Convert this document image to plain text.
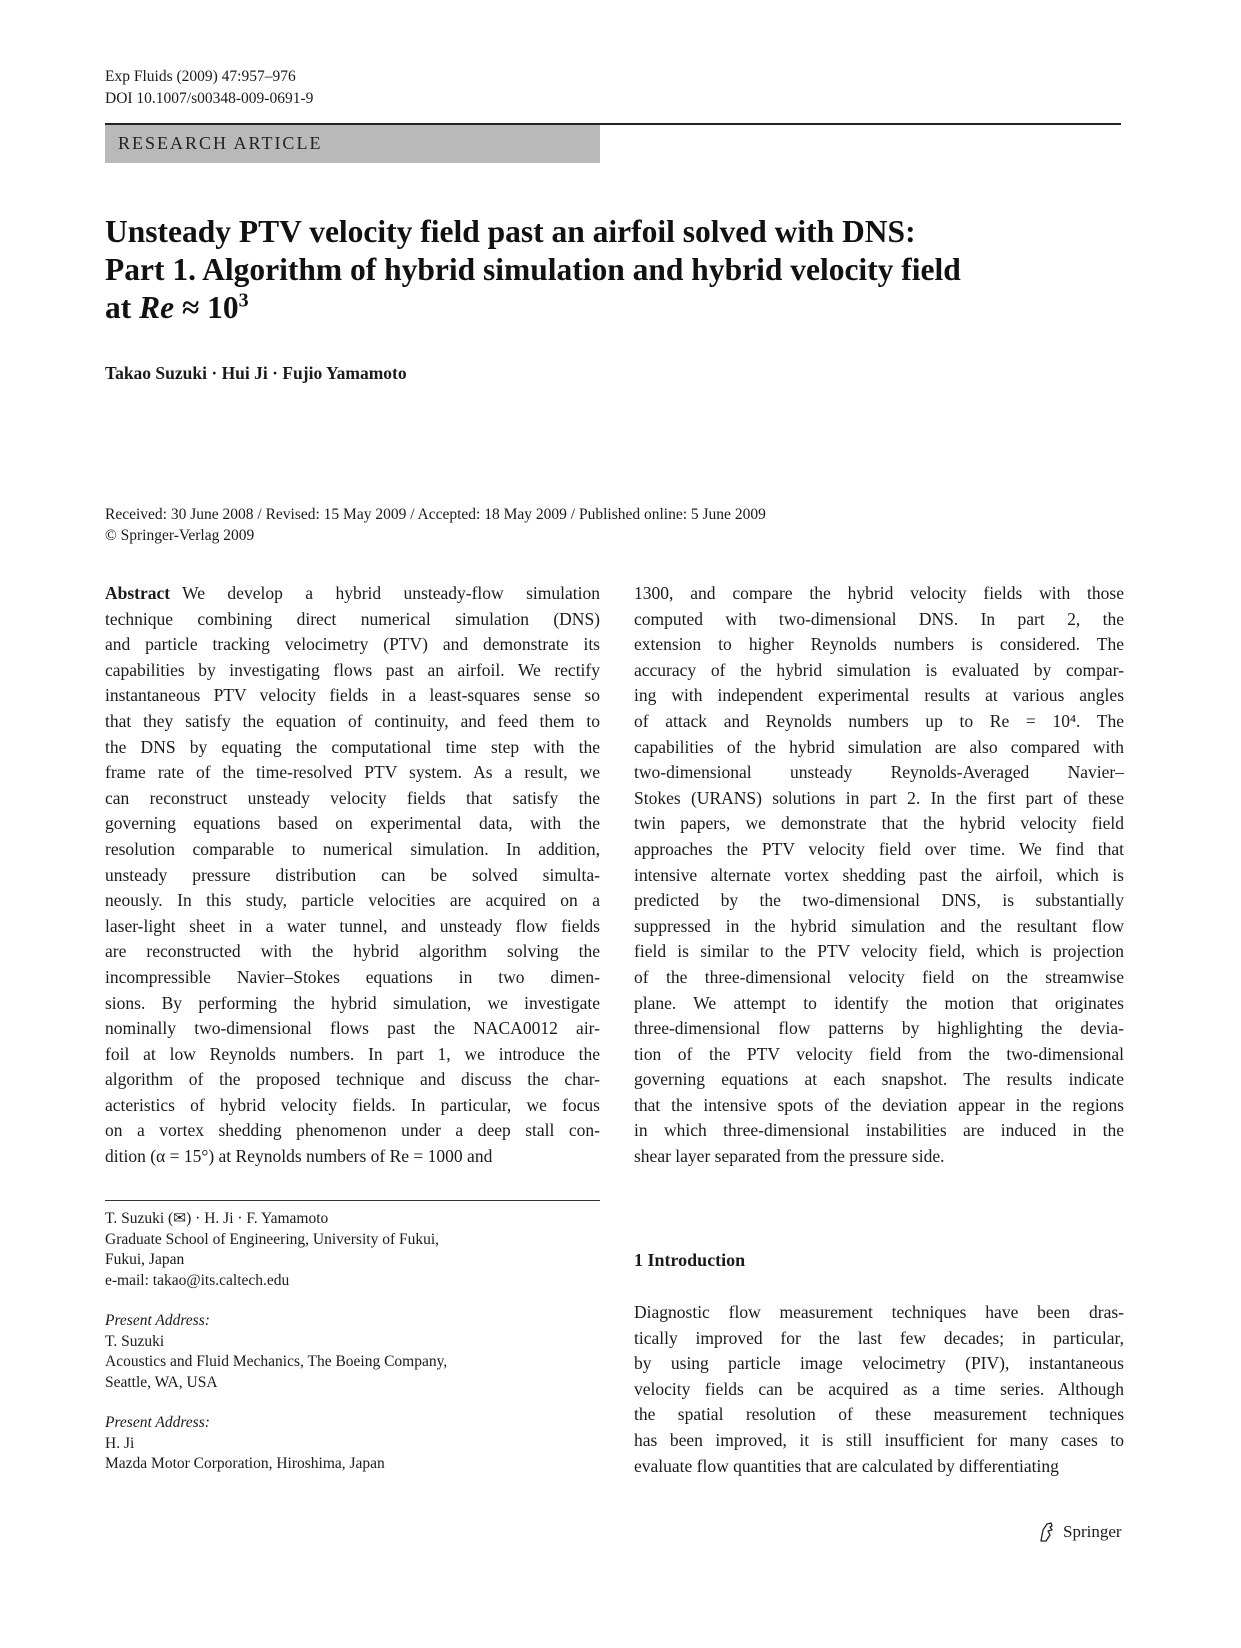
Exp Fluids (2009) 47:957–976
DOI 10.1007/s00348-009-0691-9
RESEARCH ARTICLE
Unsteady PTV velocity field past an airfoil solved with DNS:
Part 1. Algorithm of hybrid simulation and hybrid velocity field
at $Re \approx 10^3$
Takao Suzuki · Hui Ji · Fujio Yamamoto
Received: 30 June 2008 / Revised: 15 May 2009 / Accepted: 18 May 2009 / Published online: 5 June 2009
© Springer-Verlag 2009
Abstract We develop a hybrid unsteady-flow simulation
technique combining direct numerical simulation (DNS)
and particle tracking velocimetry (PTV) and demonstrate its
capabilities by investigating flows past an airfoil. We rectify
instantaneous PTV velocity fields in a least-squares sense so
that they satisfy the equation of continuity, and feed them to
the DNS by equating the computational time step with the
frame rate of the time-resolved PTV system. As a result, we
can reconstruct unsteady velocity fields that satisfy the
governing equations based on experimental data, with the
resolution comparable to numerical simulation. In addition,
unsteady pressure distribution can be solved simulta-
neously. In this study, particle velocities are acquired on a
laser-light sheet in a water tunnel, and unsteady flow fields
are reconstructed with the hybrid algorithm solving the
incompressible Navier–Stokes equations in two dimen-
sions. By performing the hybrid simulation, we investigate
nominally two-dimensional flows past the NACA0012 air-
foil at low Reynolds numbers. In part 1, we introduce the
algorithm of the proposed technique and discuss the char-
acteristics of hybrid velocity fields. In particular, we focus
on a vortex shedding phenomenon under a deep stall con-
dition (α = 15°) at Reynolds numbers of Re = 1000 and
1300, and compare the hybrid velocity fields with those
computed with two-dimensional DNS. In part 2, the
extension to higher Reynolds numbers is considered. The
accuracy of the hybrid simulation is evaluated by compar-
ing with independent experimental results at various angles
of attack and Reynolds numbers up to Re = 10⁴. The
capabilities of the hybrid simulation are also compared with
two-dimensional unsteady Reynolds-Averaged Navier–
Stokes (URANS) solutions in part 2. In the first part of these
twin papers, we demonstrate that the hybrid velocity field
approaches the PTV velocity field over time. We find that
intensive alternate vortex shedding past the airfoil, which is
predicted by the two-dimensional DNS, is substantially
suppressed in the hybrid simulation and the resultant flow
field is similar to the PTV velocity field, which is projection
of the three-dimensional velocity field on the streamwise
plane. We attempt to identify the motion that originates
three-dimensional flow patterns by highlighting the devia-
tion of the PTV velocity field from the two-dimensional
governing equations at each snapshot. The results indicate
that the intensive spots of the deviation appear in the regions
in which three-dimensional instabilities are induced in the
shear layer separated from the pressure side.
T. Suzuki (✉) · H. Ji · F. Yamamoto
Graduate School of Engineering, University of Fukui,
Fukui, Japan
e-mail: takao@its.caltech.edu
Present Address:
T. Suzuki
Acoustics and Fluid Mechanics, The Boeing Company,
Seattle, WA, USA
Present Address:
H. Ji
Mazda Motor Corporation, Hiroshima, Japan
1 Introduction
Diagnostic flow measurement techniques have been dras-
tically improved for the last few decades; in particular,
by using particle image velocimetry (PIV), instantaneous
velocity fields can be acquired as a time series. Although
the spatial resolution of these measurement techniques
has been improved, it is still insufficient for many cases to
evaluate flow quantities that are calculated by differentiating
Springer
